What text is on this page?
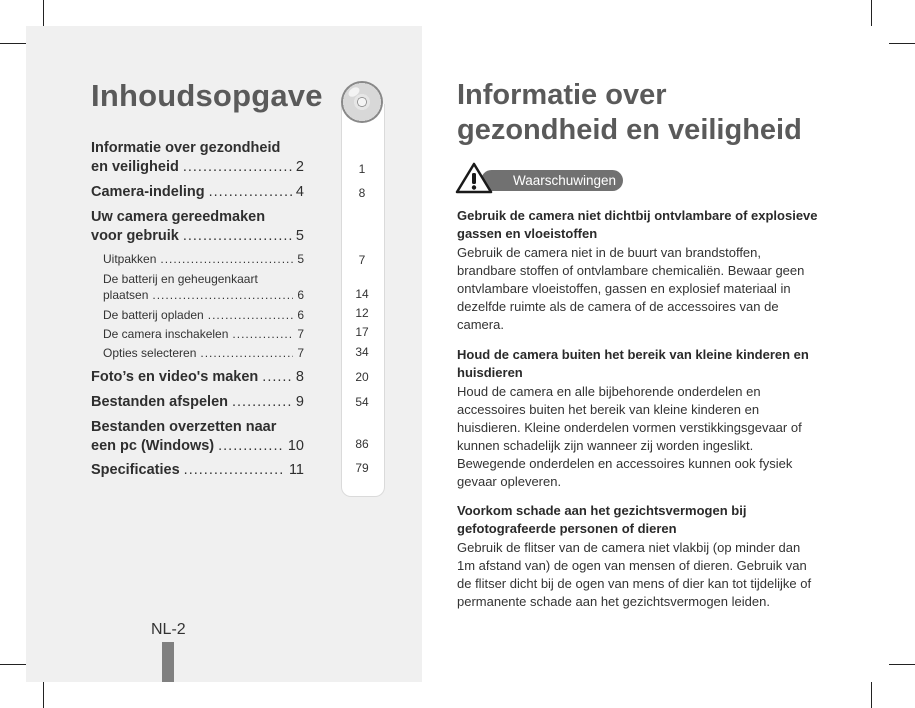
Inhoudsopgave
1
8
7
14
12
17
34
20
54
86
79
Informatie over gezondheid
en veiligheid .....	2
Camera-indeling .....	4
Uw camera gereedmaken
voor gebruik .....	5
Uitpakken .....	5
De batterij en geheugenkaart
plaatsen .....	6
De batterij opladen .....	6
De camera inschakelen .....	7
Opties selecteren .....	7
Foto’s en video's maken .....	8
Bestanden afspelen .....	9
Bestanden overzetten naar
een pc (Windows) .....	10
Specificaties .....	11
NL-2
Informatie over
gezondheid en veiligheid
Waarschuwingen

Gebruik de camera niet dichtbij ontvlambare of explosieve gassen en vloeistoffen

Gebruik de camera niet in de buurt van brandstoffen, brandbare stoffen of ontvlambare chemicaliën. Bewaar geen ontvlambare vloeistoffen, gassen en explosief materiaal in dezelfde ruimte als de camera of de accessoires van de camera.

Houd de camera buiten het bereik van kleine kinderen en huisdieren

Houd de camera en alle bijbehorende onderdelen en accessoires buiten het bereik van kleine kinderen en huisdieren. Kleine onderdelen vormen verstikkingsgevaar of kunnen schadelijk zijn wanneer zij worden ingeslikt. Bewegende onderdelen en accessoires kunnen ook fysiek gevaar opleveren.

Voorkom schade aan het gezichtsvermogen bij gefotografeerde personen of dieren

Gebruik de flitser van de camera niet vlakbij (op minder dan 1m afstand van) de ogen van mensen of dieren. Gebruik van de flitser dicht bij de ogen van mens of dier kan tot tijdelijke of permanente schade aan het gezichtsvermogen leiden.
